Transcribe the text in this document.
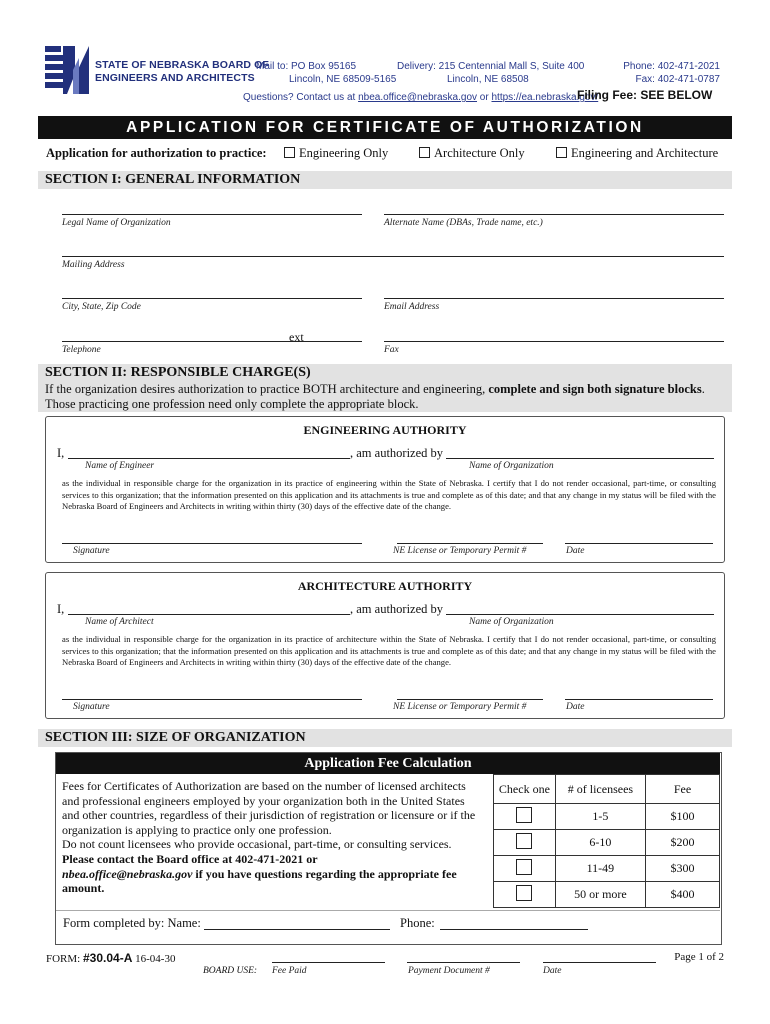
STATE OF NEBRASKA BOARD OF
ENGINEERS AND ARCHITECTS
Mail to: PO Box 95165
Lincoln, NE 68509-5165
Delivery: 215 Centennial Mall S, Suite 400
Lincoln, NE 68508
Phone: 402-471-2021
Fax: 402-471-0787
Questions? Contact us at nbea.office@nebraska.gov or https://ea.nebraska.gov/
Filing Fee: SEE BELOW
APPLICATION FOR CERTIFICATE OF AUTHORIZATION
Application for authorization to practice:	Engineering Only	Architecture Only	Engineering and Architecture
SECTION I: GENERAL INFORMATION
Legal Name of Organization	Alternate Name (DBAs, Trade name, etc.)
Mailing Address
City, State, Zip Code	Email Address
ext
Telephone	Fax
SECTION II: RESPONSIBLE CHARGE(S)
If the organization desires authorization to practice BOTH architecture and engineering, complete and sign both signature blocks.
Those practicing one profession need only complete the appropriate block.
ENGINEERING AUTHORITY
I,	, am authorized by
Name of Engineer	Name of Organization
as the individual in responsible charge for the organization in its practice of engineering within the State of Nebraska. I certify that I do not render occasional, part-time, or consulting services to this organization; that the information presented on this application and its attachments is true and complete as of this date; and that any change in my status will be filed with the Nebraska Board of Engineers and Architects in writing within thirty (30) days of the effective date of the change.
Signature	NE License or Temporary Permit #	Date
ARCHITECTURE AUTHORITY
I,	, am authorized by
Name of Architect	Name of Organization
as the individual in responsible charge for the organization in its practice of architecture within the State of Nebraska. I certify that I do not render occasional, part-time, or consulting services to this organization; that the information presented on this application and its attachments is true and complete as of this date; and that any change in my status will be filed with the Nebraska Board of Engineers and Architects in writing within thirty (30) days of the effective date of the change.
Signature	NE License or Temporary Permit #	Date
SECTION III: SIZE OF ORGANIZATION
Application Fee Calculation
Fees for Certificates of Authorization are based on the number of licensed architects and professional engineers employed by your organization both in the United States and other countries, regardless of their jurisdiction of registration or licensure or if the organization is applying to practice only one profession.
Do not count licensees who provide occasional, part-time, or consulting services.
Please contact the Board office at 402-471-2021 or
nbea.office@nebraska.gov if you have questions regarding the appropriate fee amount.
Check one	# of licensees	Fee
	1-5	$100
	6-10	$200
	11-49	$300
	50 or more	$400
Form completed by: Name:	Phone:
FORM: #30.04-A 16-04-30
BOARD USE: Fee Paid	Payment Document #	Date
Page 1 of 2
